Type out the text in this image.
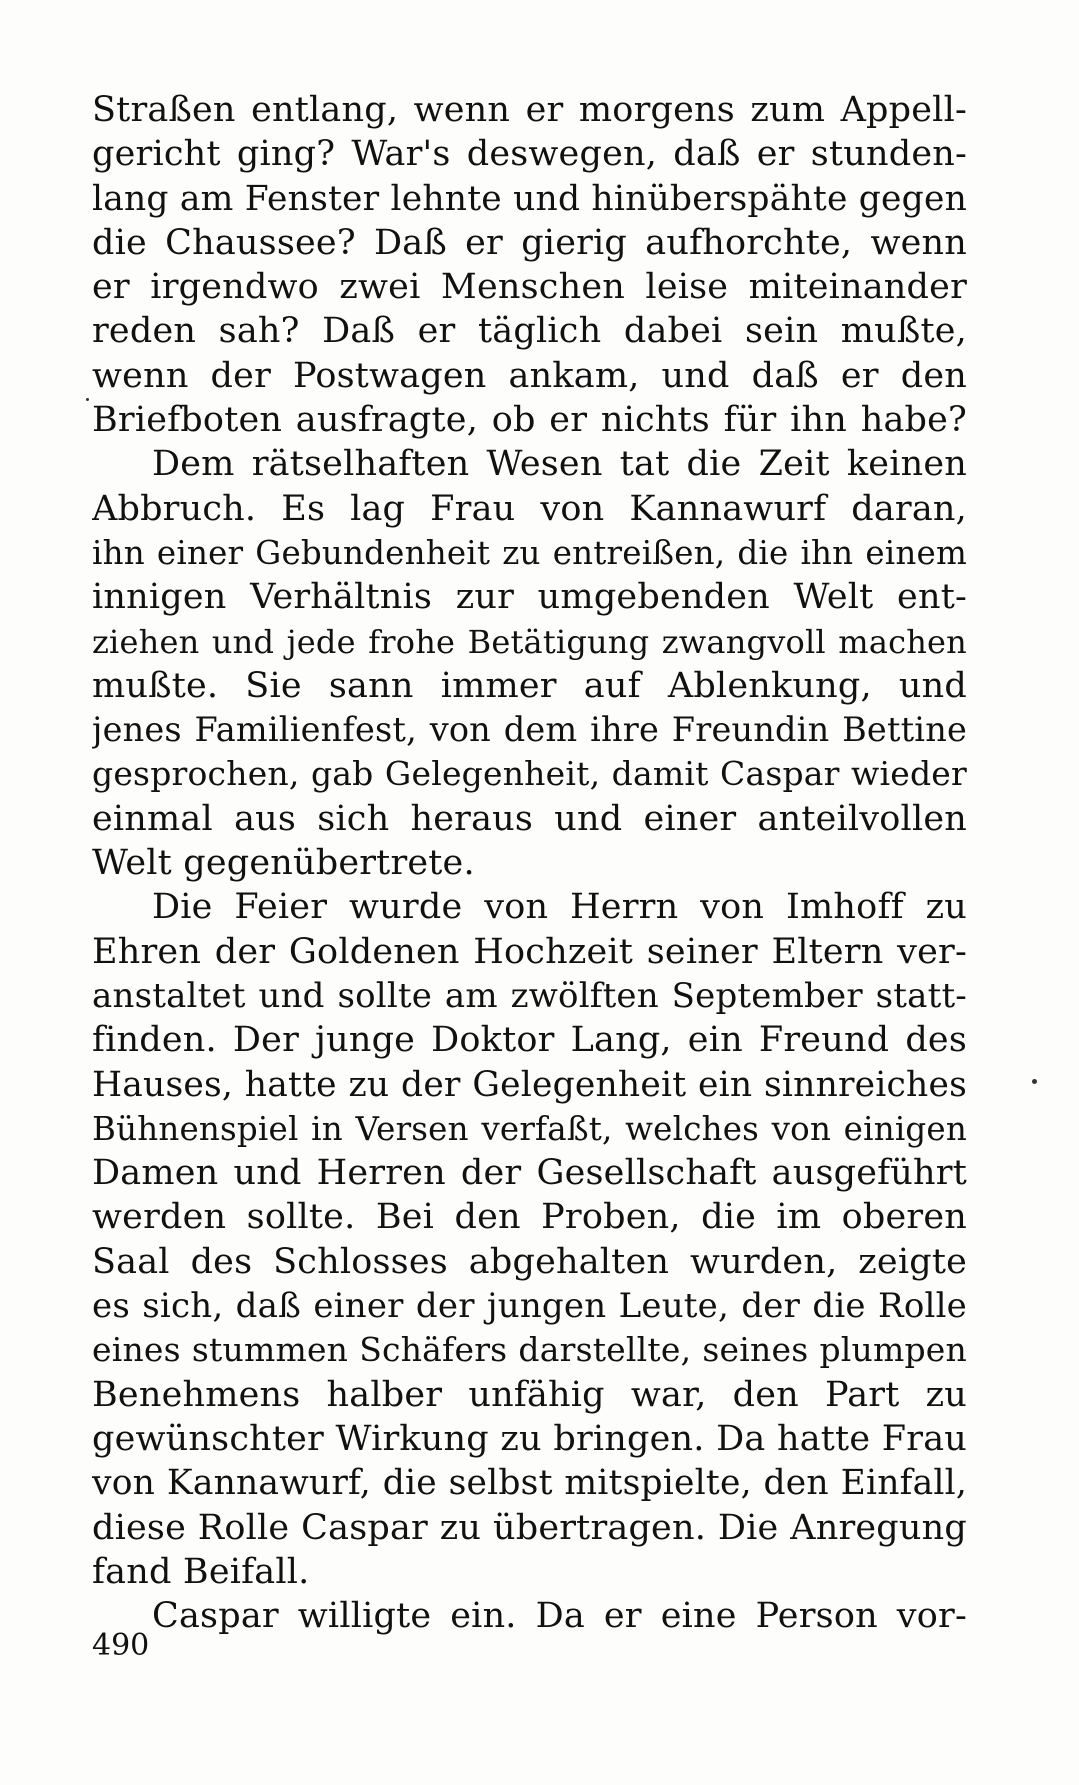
Straßen entlang, wenn er morgens zum Appell-
gericht ging? War's deswegen, daß er stunden-
lang am Fenster lehnte und hinüberspähte gegen
die Chaussee? Daß er gierig aufhorchte, wenn
er irgendwo zwei Menschen leise miteinander
reden sah? Daß er täglich dabei sein mußte,
wenn der Postwagen ankam, und daß er den
Briefboten ausfragte, ob er nichts für ihn habe?
Dem rätselhaften Wesen tat die Zeit keinen
Abbruch. Es lag Frau von Kannawurf daran,
ihn einer Gebundenheit zu entreißen, die ihn einem
innigen Verhältnis zur umgebenden Welt ent-
ziehen und jede frohe Betätigung zwangvoll machen
mußte. Sie sann immer auf Ablenkung, und
jenes Familienfest, von dem ihre Freundin Bettine
gesprochen, gab Gelegenheit, damit Caspar wieder
einmal aus sich heraus und einer anteilvollen
Welt gegenübertrete.
Die Feier wurde von Herrn von Imhoff zu
Ehren der Goldenen Hochzeit seiner Eltern ver-
anstaltet und sollte am zwölften September statt-
finden. Der junge Doktor Lang, ein Freund des
Hauses, hatte zu der Gelegenheit ein sinnreiches
Bühnenspiel in Versen verfaßt, welches von einigen
Damen und Herren der Gesellschaft ausgeführt
werden sollte. Bei den Proben, die im oberen
Saal des Schlosses abgehalten wurden, zeigte
es sich, daß einer der jungen Leute, der die Rolle
eines stummen Schäfers darstellte, seines plumpen
Benehmens halber unfähig war, den Part zu
gewünschter Wirkung zu bringen. Da hatte Frau
von Kannawurf, die selbst mitspielte, den Einfall,
diese Rolle Caspar zu übertragen. Die Anregung
fand Beifall.
Caspar willigte ein. Da er eine Person vor-
490
